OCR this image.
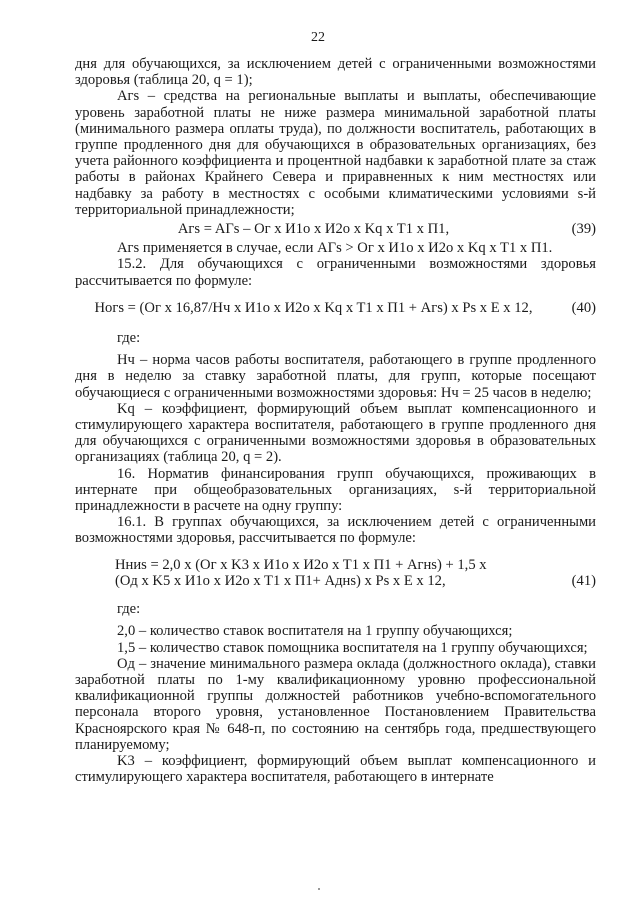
22

дня для обучающихся, за исключением детей с ограниченными возможностями здоровья (таблица 20, q = 1);

Aгs – средства на региональные выплаты и выплаты, обеспечивающие уровень заработной платы не ниже размера минимальной заработной платы (минимального размера оплаты труда), по должности воспитатель, работающих в группе продленного дня для обучающихся в образовательных организациях, без учета районного коэффициента и процентной надбавки к заработной плате за стаж работы в районах Крайнего Севера и приравненных к ним местностях или надбавку за работу в местностях с особыми климатическими условиями s-й территориальной принадлежности;

Aгs = AГs – Oг x И1o x И2o x Kq x T1 x П1,	(39)

Aгs применяется в случае, если AГs > Oг x И1o x И2o x Kq x T1 x П1.

15.2. Для обучающихся с ограниченными возможностями здоровья рассчитывается по формуле:

Hогs = (Oг x 16,87/Hч x И1o x И2o x Kq x T1 x П1 + Aгs) x Ps x E x 12,	(40)

где:

Hч – норма часов работы воспитателя, работающего в группе продленного дня в неделю за ставку заработной платы, для групп, которые посещают обучающиеся с ограниченными возможностями здоровья: Hч = 25 часов в неделю;

Kq – коэффициент, формирующий объем выплат компенсационного и стимулирующего характера воспитателя, работающего в группе продленного дня для обучающихся с ограниченными возможностями здоровья в образовательных организациях (таблица 20, q = 2).

16. Норматив финансирования групп обучающихся, проживающих в интернате при общеобразовательных организациях, s-й территориальной принадлежности в расчете на одну группу:

16.1. В группах обучающихся, за исключением детей с ограниченными возможностями здоровья, рассчитывается по формуле:

Hниs = 2,0 x (Oг x K3 x И1o x И2o x T1 x П1 + Aгнs) + 1,5 x
(Oд x K5 x И1o x И2o x T1 x П1+ Aднs) x Ps x E x 12,	(41)

где:

2,0 – количество ставок воспитателя на 1 группу обучающихся;

1,5 – количество ставок помощника воспитателя на 1 группу обучающихся;

Oд – значение минимального размера оклада (должностного оклада), ставки заработной платы по 1-му квалификационному уровню профессиональной квалификационной группы должностей работников учебно-вспомогательного персонала второго уровня, установленное Постановлением Правительства Красноярского края № 648-п, по состоянию на сентябрь года, предшествующего планируемому;

K3 – коэффициент, формирующий объем выплат компенсационного и стимулирующего характера воспитателя, работающего в интернате
